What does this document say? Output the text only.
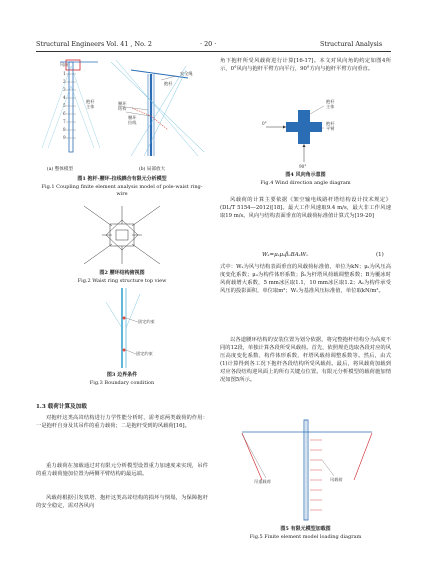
Structural Engineers Vol. 41 , No. 2	· 20 ·	Structural Analysis
风向
安全绳
抱杆
抱杆
主体
腰环
结构
腰环
拉线
1
2
3
4
5
6
7
8
9
(a) 整体模型	(b) 局部放大
图1 抱杆-腰环-拉线耦合有限元分析模型
Fig.1 Coupling finite element analysis model of pole-waist ring-wire
图2 腰环结构俯视图
Fig.2 Waist ring structure top view
固定约束
固定约束
图3 边界条件
Fig.3 Boundary condition
1.3 载荷计算及加载

对抱杆这类高耸结构进行力学性能分析时，需考虑两类载荷的作用：一是抱杆自身及其吊件的重力载荷；二是抱杆受到的风载荷[16]。

重力载荷在加载通过对有限元分析模型设置重力加速度来实现，吊件的重力载荷施加位置为两侧平臂结构的最远端。

风载荷根据引发铁塔、抱杆这类高耸结构的损坏与倒塌，为保障抱杆的安全稳定，需对各风向

角下抱杆所受风载荷进行计算[16-17]。本文对风向角的约定如图4所示，0°风向与抱杆平臂方向平行，90°方向与抱杆平臂方向垂直。

抱杆
主体
抱杆
平臂
0°
90°
图4 风向角示意图
Fig.4 Wind direction angle diagram

风载荷的计算主要依据《架空输电线路杆塔结构设计技术规定》(DL/T 5154—2012)[18]。最大工作风速取9.4 m/s，最大非工作风速取19 m/s。风向与结构表面垂直的风载荷标准值计算式为[19-20]

Wₛ=μₛμᵤβᵤBAₛWₒ	(1)

式中：Wₛ为风与结构表面垂直的风载荷标准值，单位为kN；μₛ为风压高度变化系数；μᵤ为构件体形系数；βᵤ为杆塔风荷载调整系数；B为覆冰时风荷载增大系数，5 mm冰区取1.1，10 mm冰区取1.2；Aₛ为构件承受风压的投影面积，单位取m²；Wₒ为基准风压标准值，单位取kN/m²。

以各道腰环结构的安装位置为划分依据，将完整抱杆结构分为高度不同的12段，单独计算各段所受风载荷。首先，依照规范选取各段对应的风压高度变化系数、构件体形系数、杆塔风载荷调整系数等。然后，由式(1)计算得到各工况下抱杆各段结构所受风载荷。最后，将风载荷加载到对应各段结构迎风面上的所有关键点位置。有限元分析模型的载荷施加情况如图5所示。

吊重载荷	风载荷
图5 有限元模型加载图
Fig.5 Finite element model loading diagram
